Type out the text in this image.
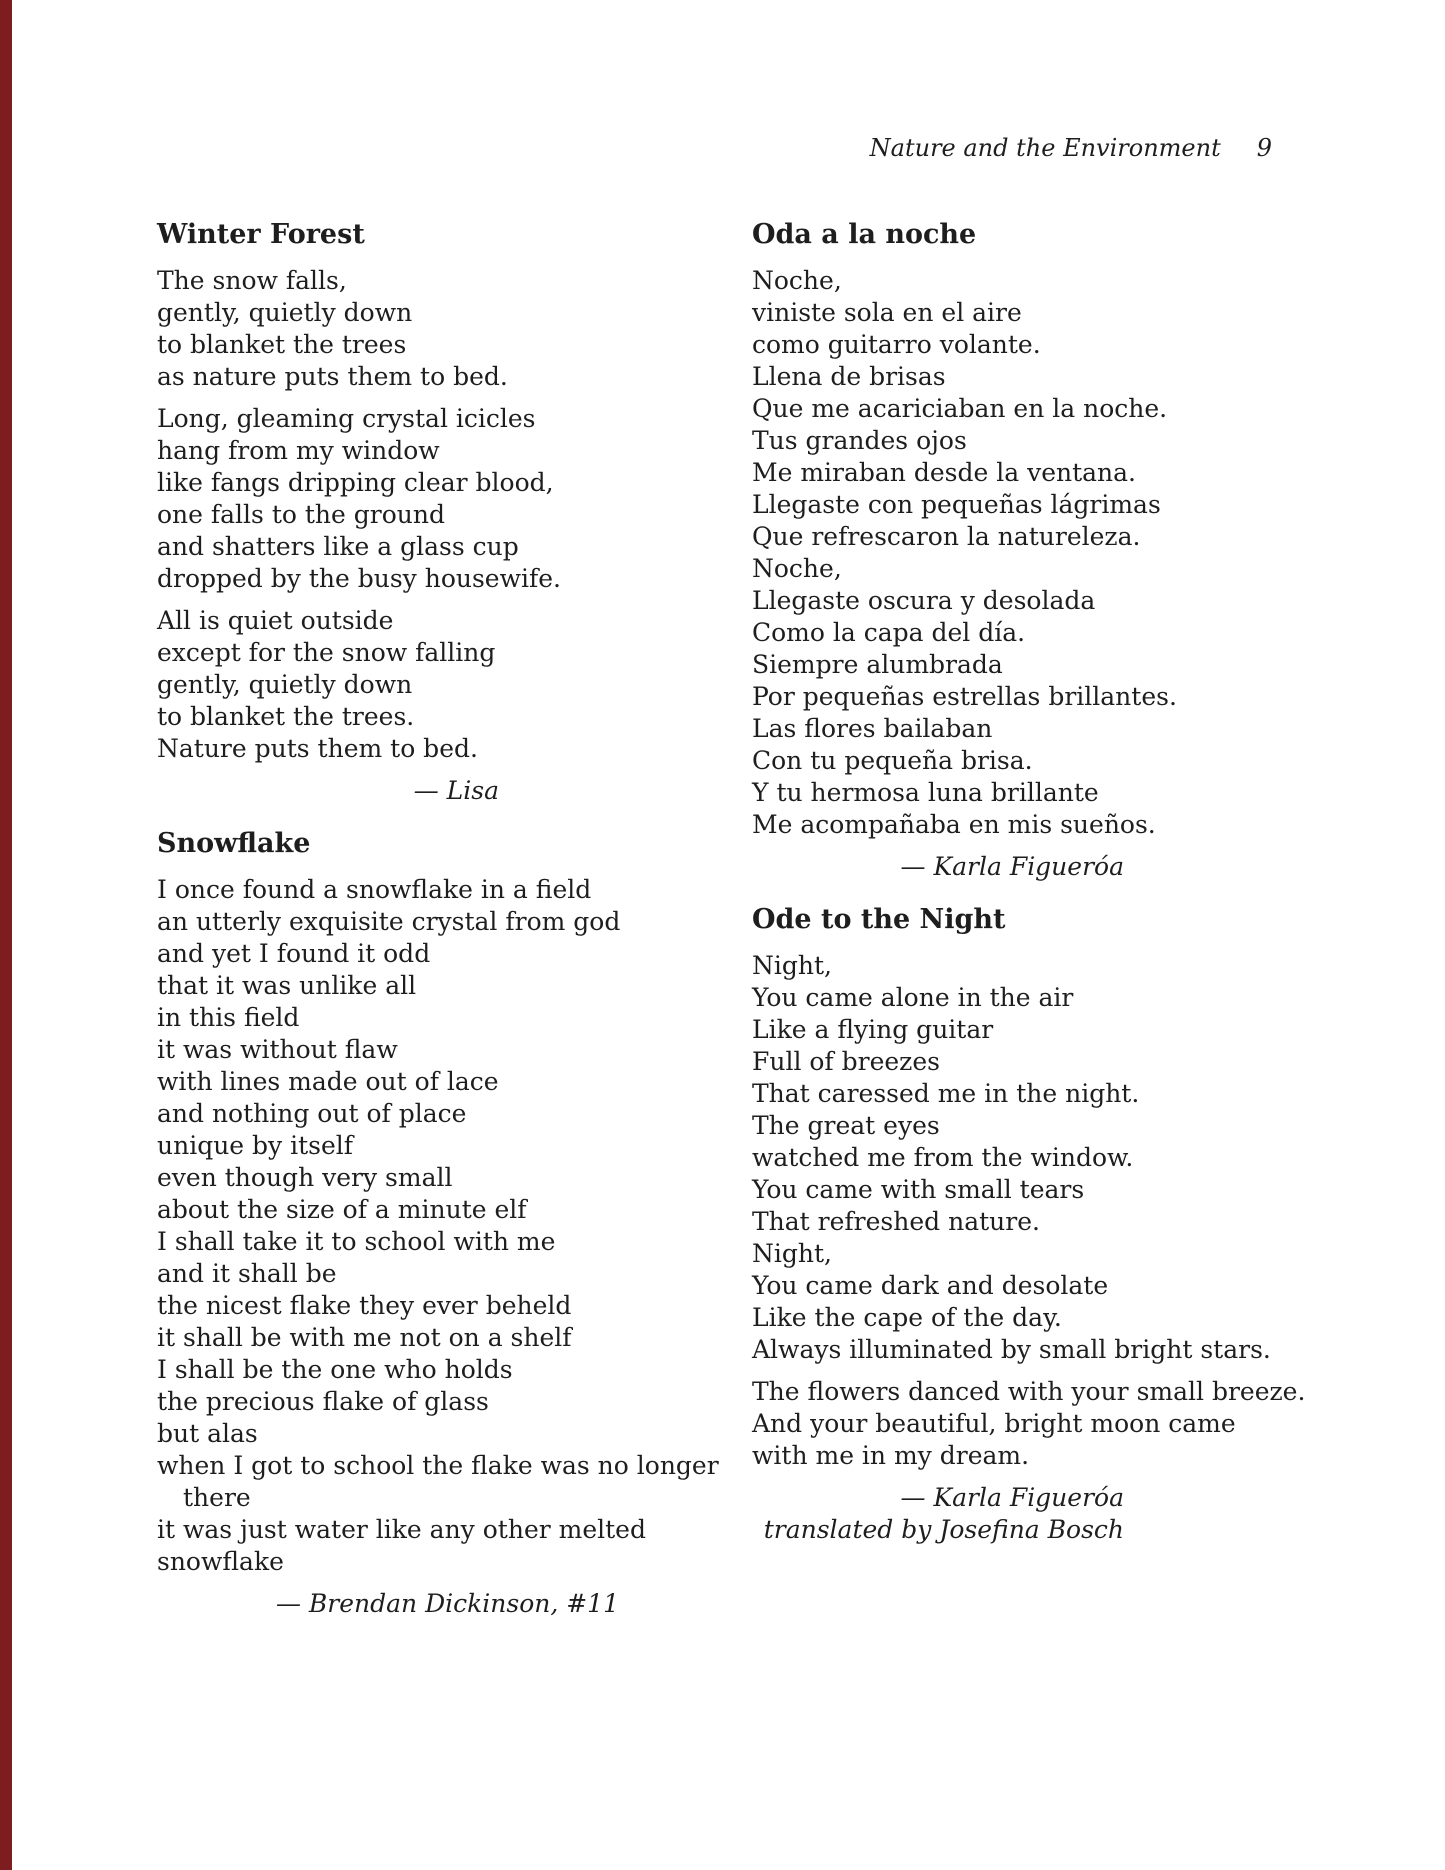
Nature and the Environment 9
Winter Forest
The snow falls,
gently, quietly down
to blanket the trees
as nature puts them to bed.
Long, gleaming crystal icicles
hang from my window
like fangs dripping clear blood,
one falls to the ground
and shatters like a glass cup
dropped by the busy housewife.
All is quiet outside
except for the snow falling
gently, quietly down
to blanket the trees.
Nature puts them to bed.
— Lisa
Snowflake
I once found a snowflake in a field
an utterly exquisite crystal from god
and yet I found it odd
that it was unlike all
in this field
it was without flaw
with lines made out of lace
and nothing out of place
unique by itself
even though very small
about the size of a minute elf
I shall take it to school with me
and it shall be
the nicest flake they ever beheld
it shall be with me not on a shelf
I shall be the one who holds
the precious flake of glass
but alas
when I got to school the flake was no longer
there
it was just water like any other melted
snowflake
— Brendan Dickinson, #11
Oda a la noche
Noche,
viniste sola en el aire
como guitarro volante.
Llena de brisas
Que me acariciaban en la noche.
Tus grandes ojos
Me miraban desde la ventana.
Llegaste con pequeñas lágrimas
Que refrescaron la natureleza.
Noche,
Llegaste oscura y desolada
Como la capa del día.
Siempre alumbrada
Por pequeñas estrellas brillantes.
Las flores bailaban
Con tu pequeña brisa.
Y tu hermosa luna brillante
Me acompañaba en mis sueños.
— Karla Figueróa
Ode to the Night
Night,
You came alone in the air
Like a flying guitar
Full of breezes
That caressed me in the night.
The great eyes
watched me from the window.
You came with small tears
That refreshed nature.
Night,
You came dark and desolate
Like the cape of the day.
Always illuminated by small bright stars.
The flowers danced with your small breeze.
And your beautiful, bright moon came
with me in my dream.
— Karla Figueróa
translated by Josefina Bosch
